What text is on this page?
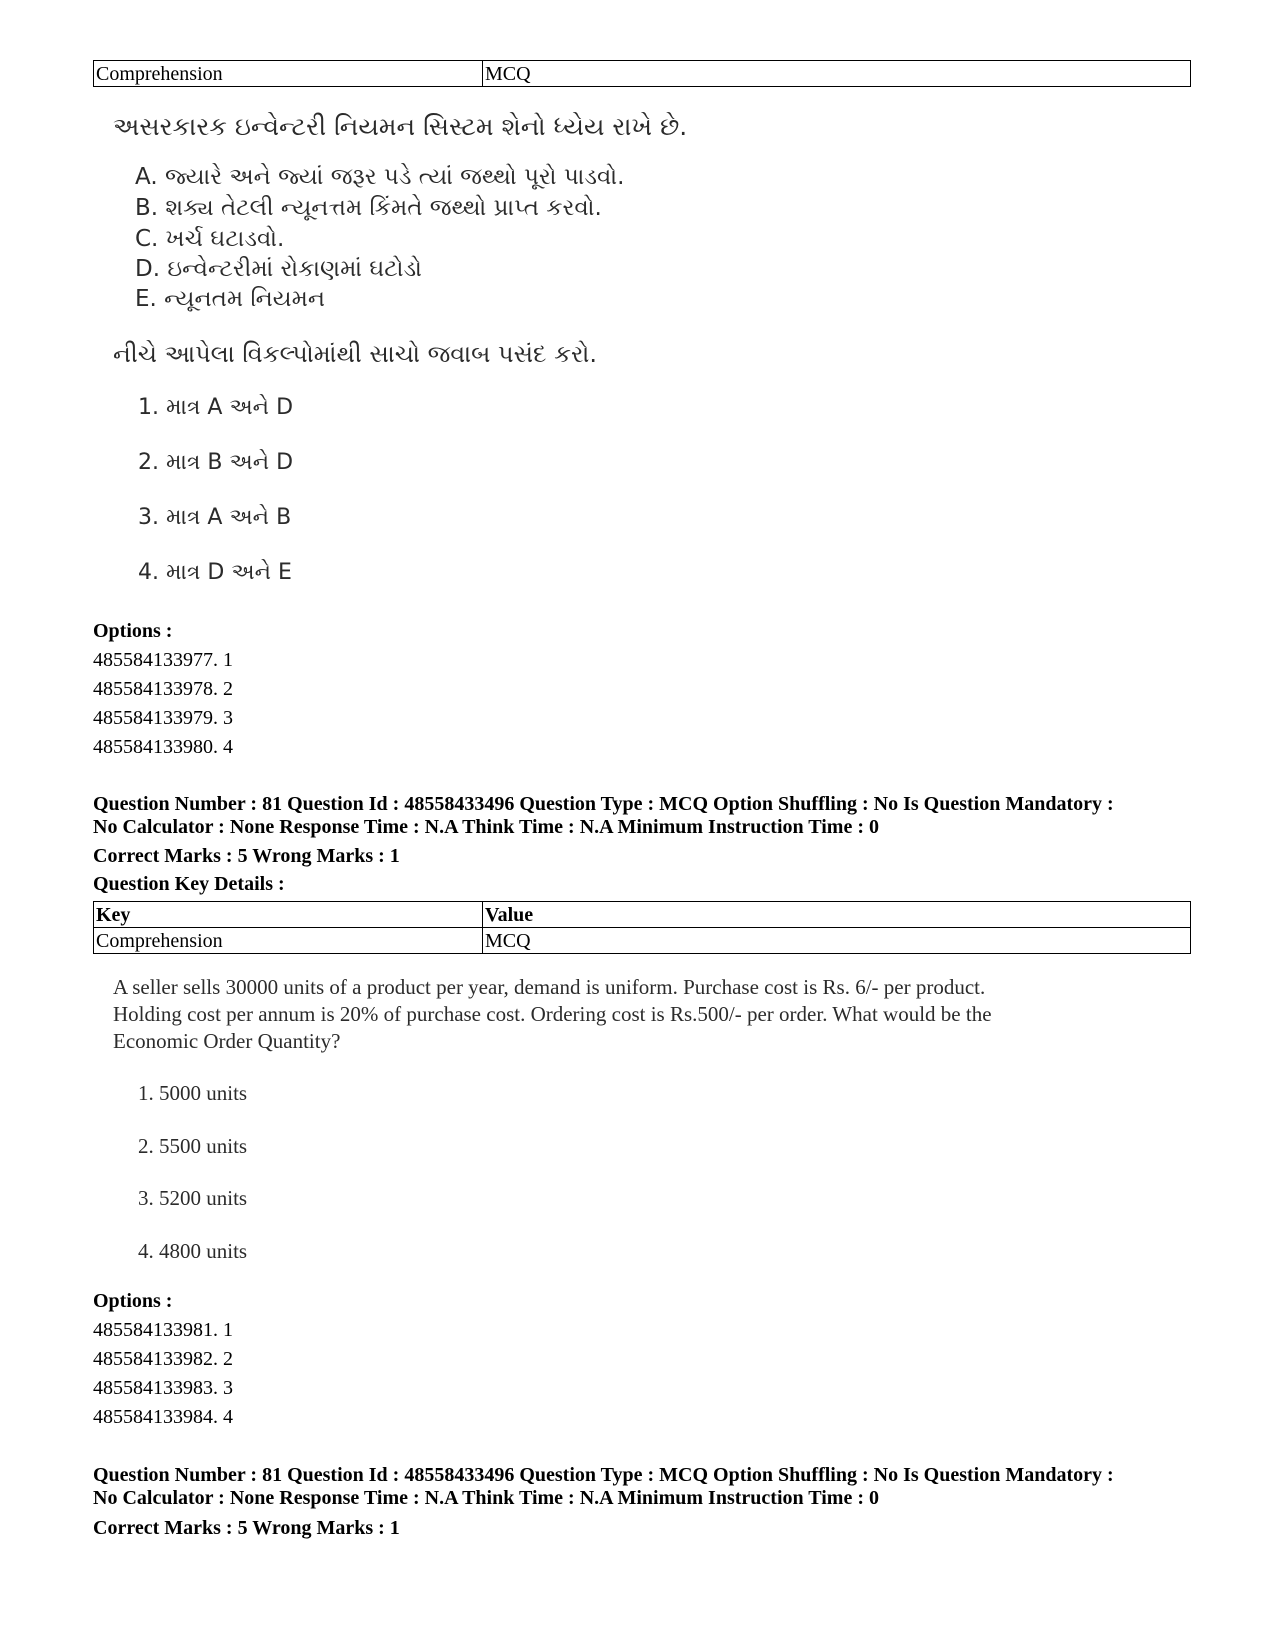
Comprehension	MCQ
અસરકારક ઇન્વેન્ટરી નિયમન સિસ્ટમ શેનો ધ્યેય રાખે છે.
A. જ્યારે અને જ્યાં જરૂર પડે ત્યાં જથ્થો પૂરો પાડવો.
B. શક્ય તેટલી ન્યૂનત્તમ કિંમતે જથ્થો પ્રાપ્ત કરવો.
C. ખર્ચ ઘટાડવો.
D. ઇન્વેન્ટરીમાં રોકાણમાં ઘટોડો
E. ન્યૂનતમ નિયમન
નીચે આપેલા વિકલ્પોમાંથી સાચો જવાબ પસંદ કરો.
1. માત્ર A અને D
2. માત્ર B અને D
3. માત્ર A અને B
4. માત્ર D અને E
Options :
485584133977. 1
485584133978. 2
485584133979. 3
485584133980. 4
Question Number : 81 Question Id : 48558433496 Question Type : MCQ Option Shuffling : No Is Question Mandatory :
No Calculator : None Response Time : N.A Think Time : N.A Minimum Instruction Time : 0
Correct Marks : 5 Wrong Marks : 1
Question Key Details :
Key	Value
Comprehension	MCQ
A seller sells 30000 units of a product per year, demand is uniform. Purchase cost is Rs. 6/- per product.
Holding cost per annum is 20% of purchase cost. Ordering cost is Rs.500/- per order. What would be the
Economic Order Quantity?
1. 5000 units
2. 5500 units
3. 5200 units
4. 4800 units
Options :
485584133981. 1
485584133982. 2
485584133983. 3
485584133984. 4
Question Number : 81 Question Id : 48558433496 Question Type : MCQ Option Shuffling : No Is Question Mandatory :
No Calculator : None Response Time : N.A Think Time : N.A Minimum Instruction Time : 0
Correct Marks : 5 Wrong Marks : 1
